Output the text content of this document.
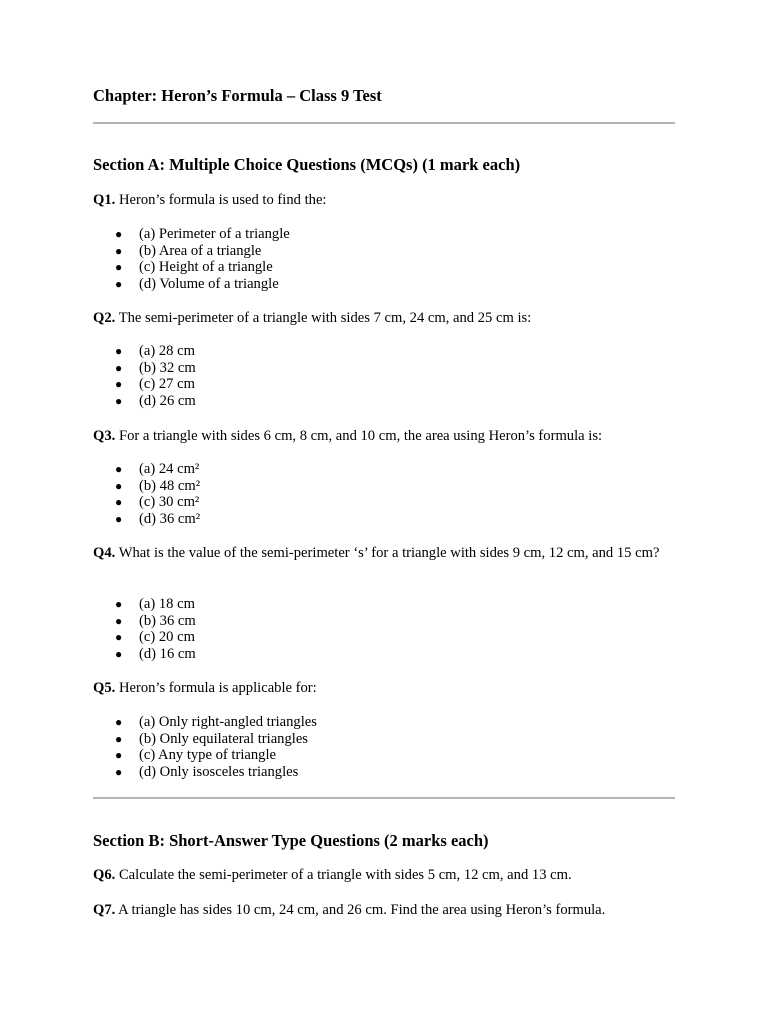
Chapter: Heron’s Formula – Class 9 Test
Section A: Multiple Choice Questions (MCQs) (1 mark each)

Q1. Heron’s formula is used to find the:

● (a) Perimeter of a triangle
● (b) Area of a triangle
● (c) Height of a triangle
● (d) Volume of a triangle

Q2. The semi-perimeter of a triangle with sides 7 cm, 24 cm, and 25 cm is:

● (a) 28 cm
● (b) 32 cm
● (c) 27 cm
● (d) 26 cm

Q3. For a triangle with sides 6 cm, 8 cm, and 10 cm, the area using Heron’s formula is:

● (a) 24 cm²
● (b) 48 cm²
● (c) 30 cm²
● (d) 36 cm²

Q4. What is the value of the semi-perimeter ‘s’ for a triangle with sides 9 cm, 12 cm, and 15 cm?

● (a) 18 cm
● (b) 36 cm
● (c) 20 cm
● (d) 16 cm

Q5. Heron’s formula is applicable for:

● (a) Only right-angled triangles
● (b) Only equilateral triangles
● (c) Any type of triangle
● (d) Only isosceles triangles
Section B: Short-Answer Type Questions (2 marks each)

Q6. Calculate the semi-perimeter of a triangle with sides 5 cm, 12 cm, and 13 cm.

Q7. A triangle has sides 10 cm, 24 cm, and 26 cm. Find the area using Heron’s formula.
